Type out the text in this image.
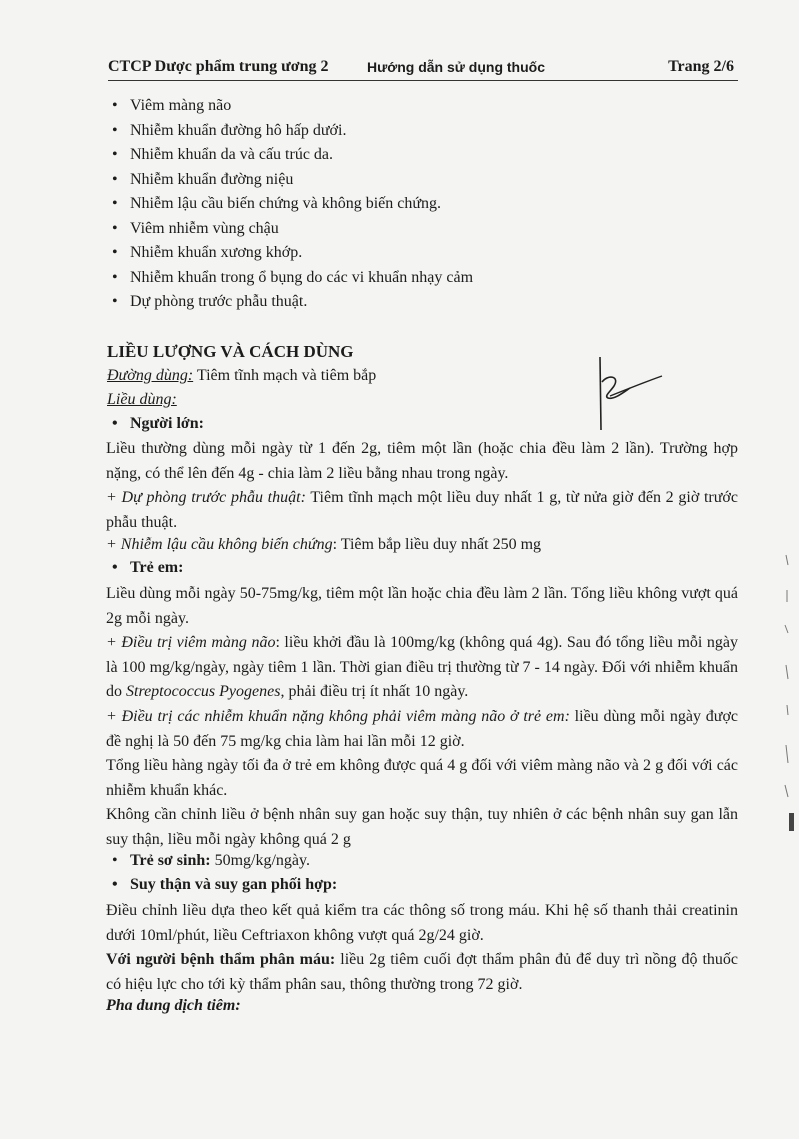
CTCP Dược phẩm trung ương 2	Hướng dẫn sử dụng thuốc	Trang 2/6
• Viêm màng não
• Nhiễm khuẩn đường hô hấp dưới.
• Nhiễm khuẩn da và cấu trúc da.
• Nhiễm khuẩn đường niệu
• Nhiễm lậu cầu biến chứng và không biến chứng.
• Viêm nhiễm vùng chậu
• Nhiễm khuẩn xương khớp.
• Nhiễm khuẩn trong ổ bụng do các vi khuẩn nhạy cảm
• Dự phòng trước phẫu thuật.
LIỀU LƯỢNG VÀ CÁCH DÙNG
Đường dùng: Tiêm tĩnh mạch và tiêm bắp
Liều dùng:
• Người lớn:
Liều thường dùng mỗi ngày từ 1 đến 2g, tiêm một lần (hoặc chia đều làm 2 lần). Trường hợp nặng, có thể lên đến 4g - chia làm 2 liều bằng nhau trong ngày.
+ Dự phòng trước phẫu thuật: Tiêm tĩnh mạch một liều duy nhất 1 g, từ nửa giờ đến 2 giờ trước phẫu thuật.
+ Nhiễm lậu cầu không biến chứng: Tiêm bắp liều duy nhất 250 mg
• Trẻ em:
Liều dùng mỗi ngày 50-75mg/kg, tiêm một lần hoặc chia đều làm 2 lần. Tổng liều không vượt quá 2g mỗi ngày.
+ Điều trị viêm màng não: liều khởi đầu là 100mg/kg (không quá 4g). Sau đó tổng liều mỗi ngày là 100 mg/kg/ngày, ngày tiêm 1 lần. Thời gian điều trị thường từ 7 - 14 ngày. Đối với nhiễm khuẩn do Streptococcus Pyogenes, phải điều trị ít nhất 10 ngày.
+ Điều trị các nhiễm khuẩn nặng không phải viêm màng não ở trẻ em: liều dùng mỗi ngày được đề nghị là 50 đến 75 mg/kg chia làm hai lần mỗi 12 giờ.
Tổng liều hàng ngày tối đa ở trẻ em không được quá 4 g đối với viêm màng não và 2 g đối với các nhiễm khuẩn khác.
Không cần chỉnh liều ở bệnh nhân suy gan hoặc suy thận, tuy nhiên ở các bệnh nhân suy gan lẫn suy thận, liều mỗi ngày không quá 2 g
• Trẻ sơ sinh: 50mg/kg/ngày.
• Suy thận và suy gan phối hợp:
Điều chỉnh liều dựa theo kết quả kiểm tra các thông số trong máu. Khi hệ số thanh thải creatinin dưới 10ml/phút, liều Ceftriaxon không vượt quá 2g/24 giờ.
Với người bệnh thẩm phân máu: liều 2g tiêm cuối đợt thẩm phân đủ để duy trì nồng độ thuốc có hiệu lực cho tới kỳ thẩm phân sau, thông thường trong 72 giờ.
Pha dung dịch tiêm:
